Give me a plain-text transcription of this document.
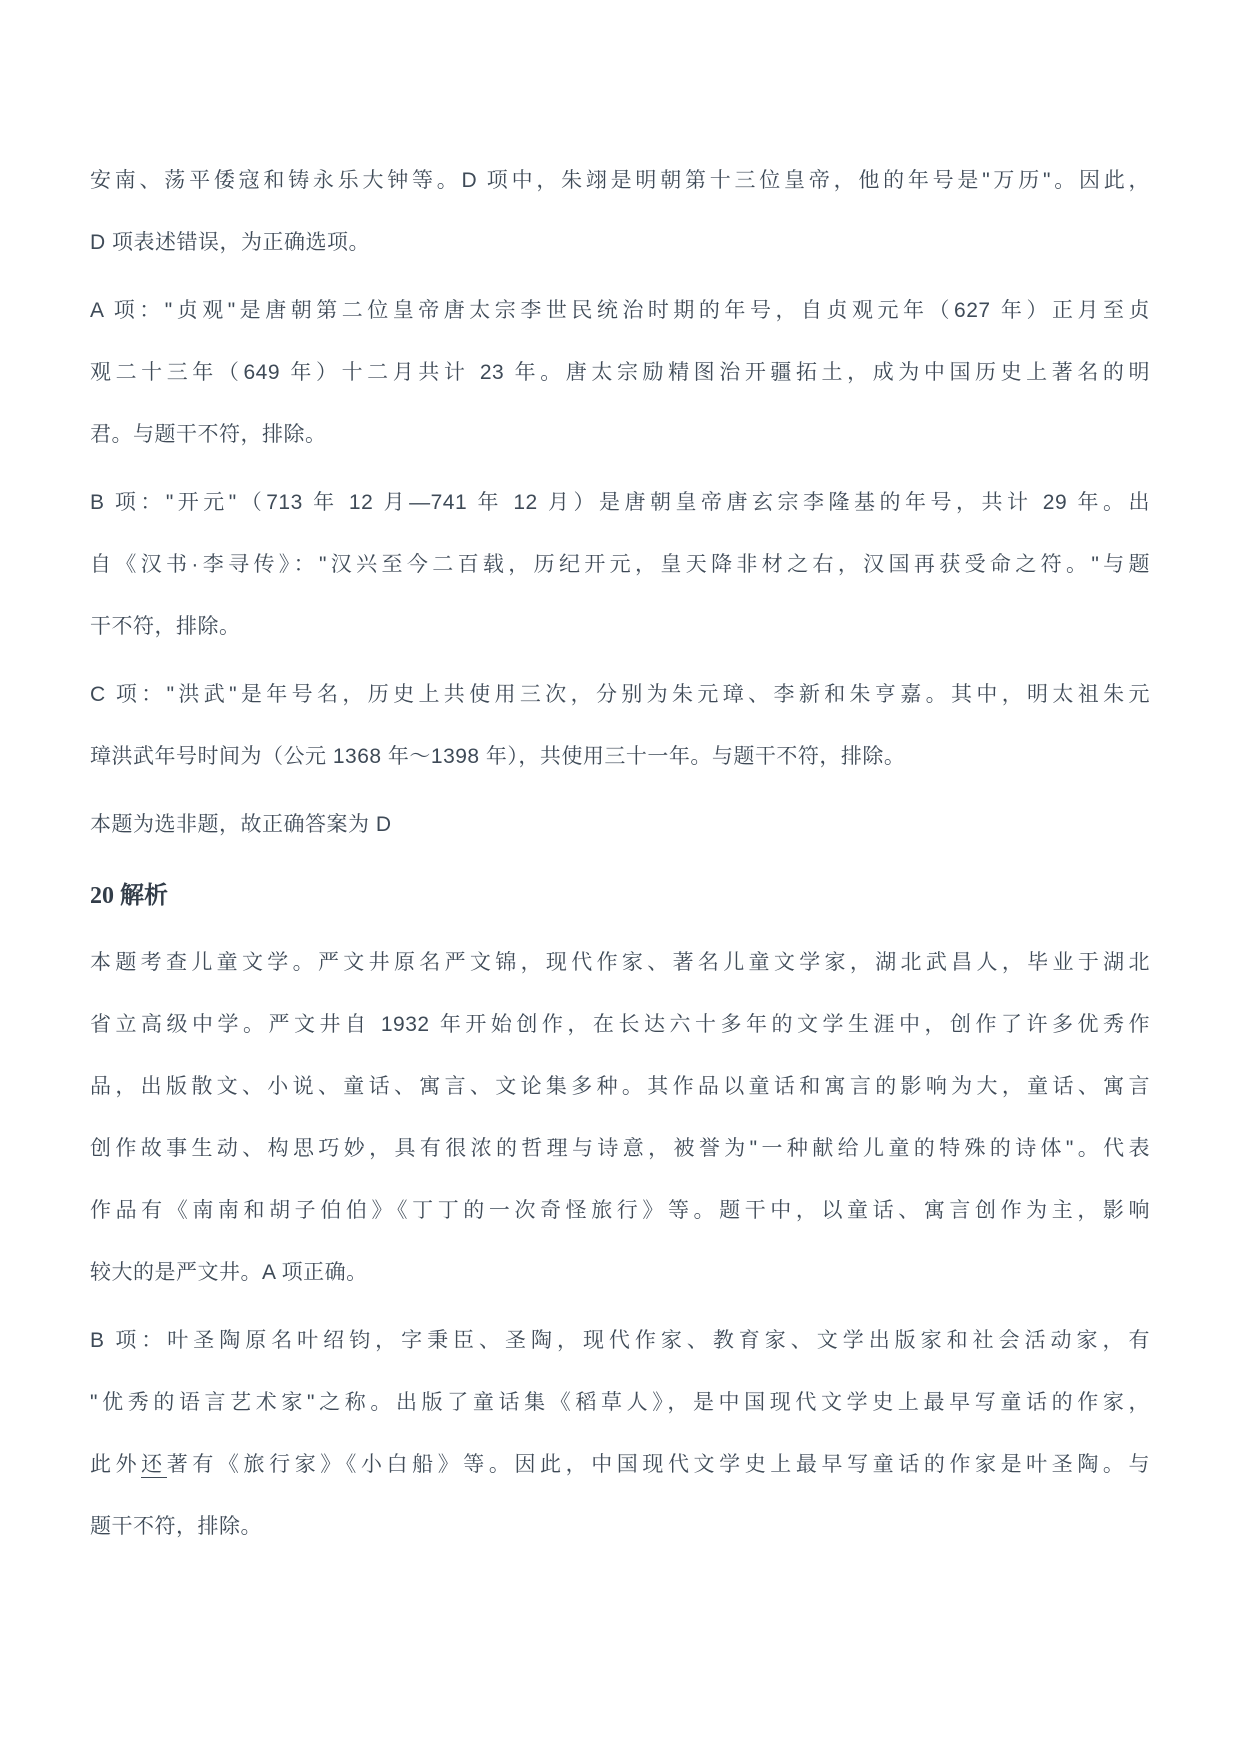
安南、荡平倭寇和铸永乐大钟等。D 项中，朱翊是明朝第十三位皇帝，他的年号是"万历"。因此，
D 项表述错误，为正确选项。

A 项："贞观"是唐朝第二位皇帝唐太宗李世民统治时期的年号，自贞观元年（627 年）正月至贞
观二十三年（649 年）十二月共计 23 年。唐太宗励精图治开疆拓土，成为中国历史上著名的明
君。与题干不符，排除。

B 项："开元"（713 年 12 月—741 年 12 月）是唐朝皇帝唐玄宗李隆基的年号，共计 29 年。出
自《汉书·李寻传》："汉兴至今二百载，历纪开元，皇天降非材之右，汉国再获受命之符。"与题
干不符，排除。

C 项："洪武"是年号名，历史上共使用三次，分别为朱元璋、李新和朱亨嘉。其中，明太祖朱元
璋洪武年号时间为（公元 1368 年～1398 年），共使用三十一年。与题干不符，排除。

本题为选非题，故正确答案为 D

20 解析

本题考查儿童文学。严文井原名严文锦，现代作家、著名儿童文学家，湖北武昌人，毕业于湖北
省立高级中学。严文井自 1932 年开始创作，在长达六十多年的文学生涯中，创作了许多优秀作
品，出版散文、小说、童话、寓言、文论集多种。其作品以童话和寓言的影响为大，童话、寓言
创作故事生动、构思巧妙，具有很浓的哲理与诗意，被誉为"一种献给儿童的特殊的诗体"。代表
作品有《南南和胡子伯伯》《丁丁的一次奇怪旅行》等。题干中，以童话、寓言创作为主，影响
较大的是严文井。A 项正确。

B 项：叶圣陶原名叶绍钧，字秉臣、圣陶，现代作家、教育家、文学出版家和社会活动家，有
"优秀的语言艺术家"之称。出版了童话集《稻草人》，是中国现代文学史上最早写童话的作家，
此外还著有《旅行家》《小白船》等。因此，中国现代文学史上最早写童话的作家是叶圣陶。与
题干不符，排除。
